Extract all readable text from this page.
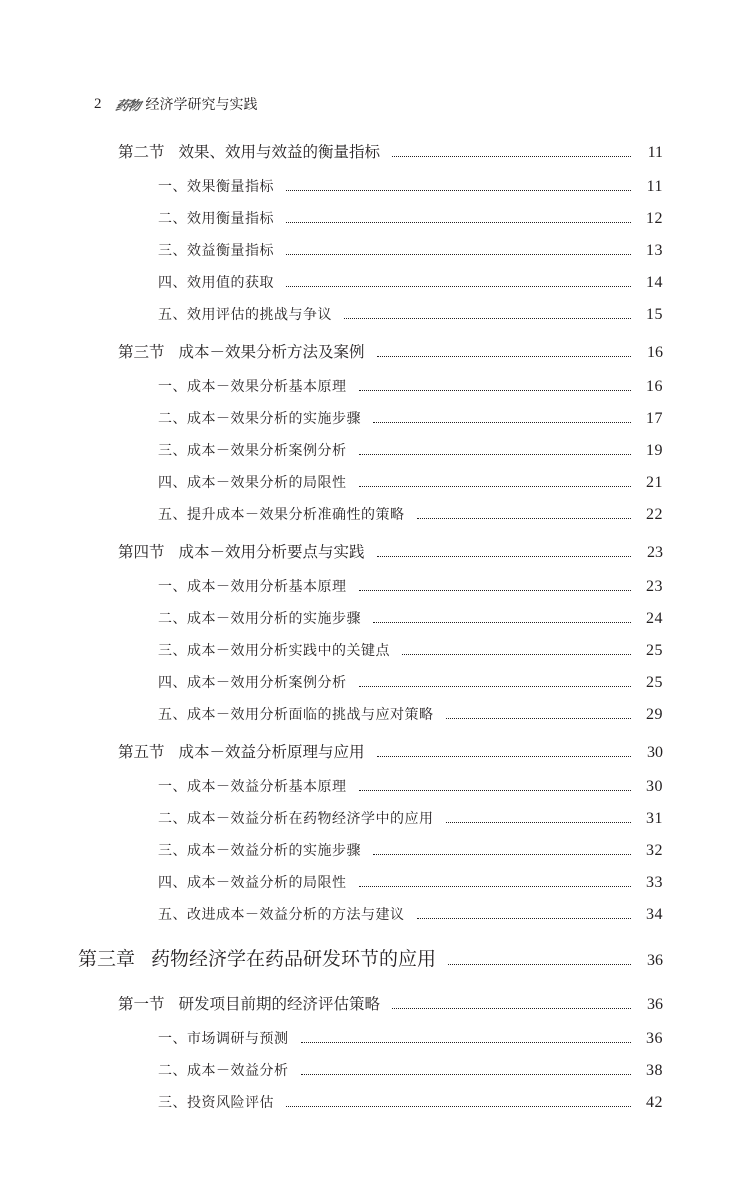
2 药物 经济学研究与实践
第二节 效果、效用与效益的衡量指标	11
一、效果衡量指标	11
二、效用衡量指标	12
三、效益衡量指标	13
四、效用值的获取	14
五、效用评估的挑战与争议	15
第三节 成本－效果分析方法及案例	16
一、成本－效果分析基本原理	16
二、成本－效果分析的实施步骤	17
三、成本－效果分析案例分析	19
四、成本－效果分析的局限性	21
五、提升成本－效果分析准确性的策略	22
第四节 成本－效用分析要点与实践	23
一、成本－效用分析基本原理	23
二、成本－效用分析的实施步骤	24
三、成本－效用分析实践中的关键点	25
四、成本－效用分析案例分析	25
五、成本－效用分析面临的挑战与应对策略	29
第五节 成本－效益分析原理与应用	30
一、成本－效益分析基本原理	30
二、成本－效益分析在药物经济学中的应用	31
三、成本－效益分析的实施步骤	32
四、成本－效益分析的局限性	33
五、改进成本－效益分析的方法与建议	34
第三章 药物经济学在药品研发环节的应用	36
第一节 研发项目前期的经济评估策略	36
一、市场调研与预测	36
二、成本－效益分析	38
三、投资风险评估	42
